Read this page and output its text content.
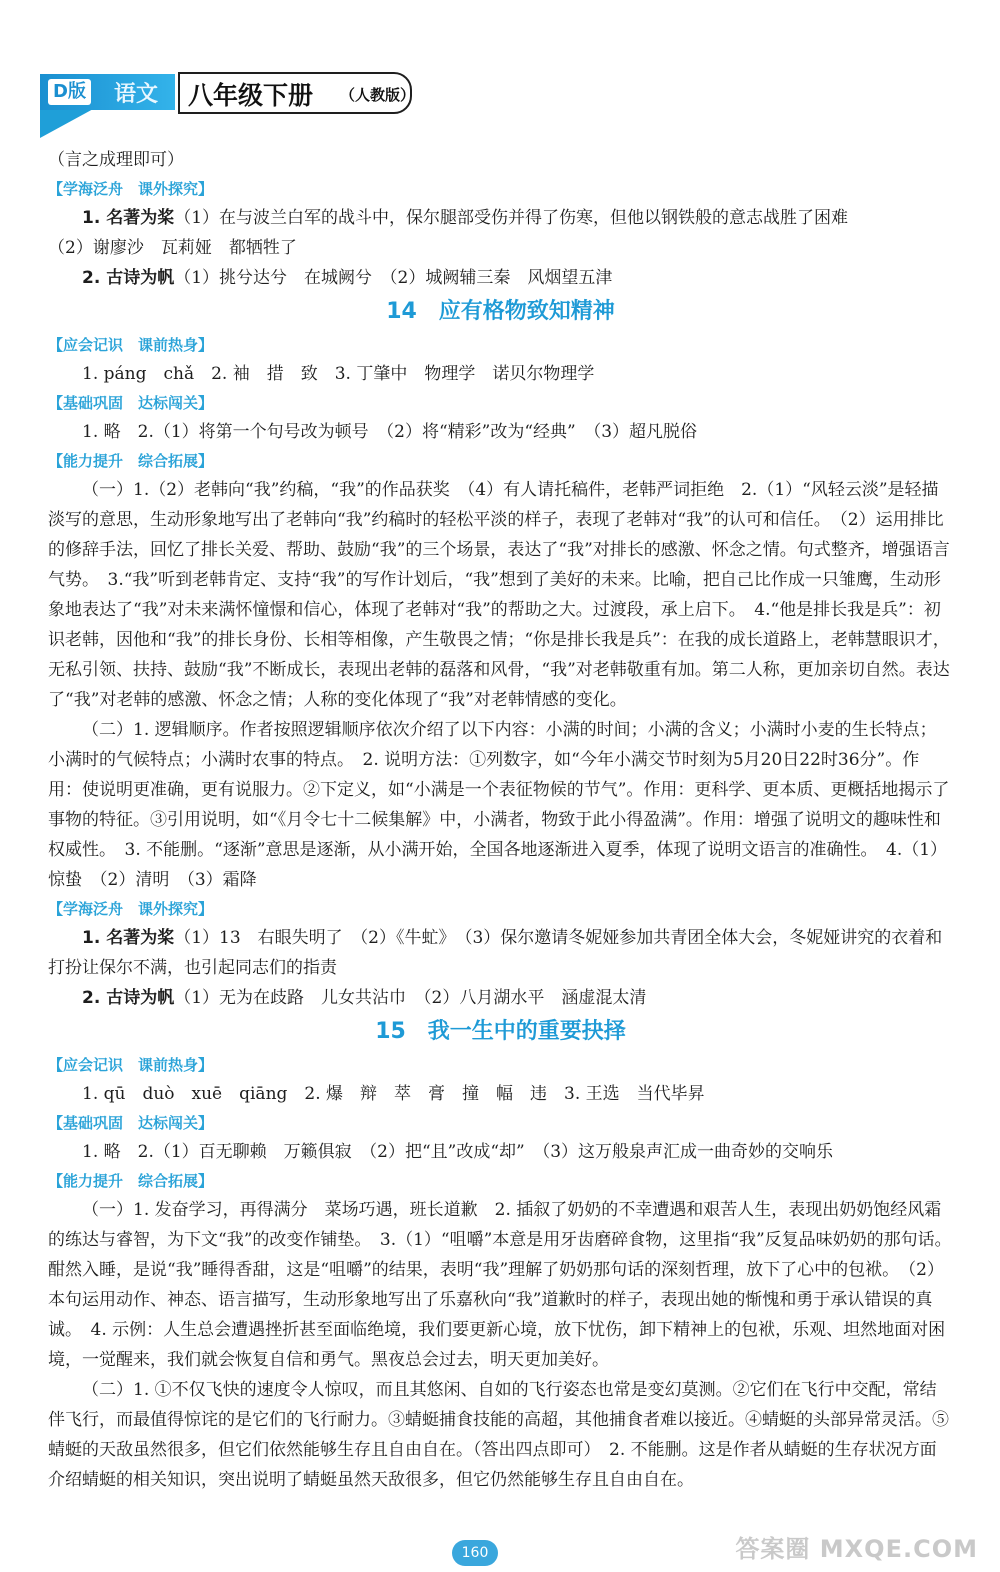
D版 语文 八年级下册 （人教版）

（言之成理即可）

【学海泛舟　课外探究】

1. 名著为桨（1）在与波兰白军的战斗中，保尔腿部受伤并得了伤寒，但他以钢铁般的意志战胜了困难

（2）谢廖沙　瓦莉娅　都牺牲了

2. 古诗为帆（1）挑兮达兮　在城阙兮　（2）城阙辅三秦　风烟望五津

14　应有格物致知精神

【应会记识　课前热身】

1. páng　chǎ　2. 袖　措　致　3. 丁肇中　物理学　诺贝尔物理学

【基础巩固　达标闯关】

1. 略　2.（1）将第一个句号改为顿号　（2）将“精彩”改为“经典”　（3）超凡脱俗

【能力提升　综合拓展】

（一）1.（2）老韩向“我”约稿，“我”的作品获奖　（4）有人请托稿件，老韩严词拒绝　2.（1）“风轻云淡”是轻描淡写的意思，生动形象地写出了老韩向“我”约稿时的轻松平淡的样子，表现了老韩对“我”的认可和信任。　（2）运用排比的修辞手法，回忆了排长关爱、帮助、鼓励“我”的三个场景，表达了“我”对排长的感激、怀念之情。句式整齐，增强语言气势。　3.“我”听到老韩肯定、支持“我”的写作计划后，“我”想到了美好的未来。比喻，把自己比作成一只雏鹰，生动形象地表达了“我”对未来满怀憧憬和信心，体现了老韩对“我”的帮助之大。过渡段，承上启下。　4.“他是排长我是兵”：初识老韩，因他和“我”的排长身份、长相等相像，产生敬畏之情；“你是排长我是兵”：在我的成长道路上，老韩慧眼识才，无私引领、扶持、鼓励“我”不断成长，表现出老韩的磊落和风骨，“我”对老韩敬重有加。第二人称，更加亲切自然。表达了“我”对老韩的感激、怀念之情；人称的变化体现了“我”对老韩情感的变化。

（二）1. 逻辑顺序。作者按照逻辑顺序依次介绍了以下内容：小满的时间；小满的含义；小满时小麦的生长特点；小满时的气候特点；小满时农事的特点。　2. 说明方法：①列数字，如“今年小满交节时刻为5月20日22时36分”。作用：使说明更准确，更有说服力。②下定义，如“小满是一个表征物候的节气”。作用：更科学、更本质、更概括地揭示了事物的特征。③引用说明，如“《月令七十二候集解》中，小满者，物致于此小得盈满”。作用：增强了说明文的趣味性和权威性。　3. 不能删。“逐渐”意思是逐渐，从小满开始，全国各地逐渐进入夏季，体现了说明文语言的准确性。　4.（1）惊蛰　（2）清明　（3）霜降

【学海泛舟　课外探究】

1. 名著为桨（1）13　右眼失明了　（2）《牛虻》　（3）保尔邀请冬妮娅参加共青团全体大会，冬妮娅讲究的衣着和打扮让保尔不满，也引起同志们的指责

2. 古诗为帆（1）无为在歧路　儿女共沾巾　（2）八月湖水平　涵虚混太清

15　我一生中的重要抉择

【应会记识　课前热身】

1. qū　duò　xuē　qiāng　2. 爆　辩　萃　膏　撞　幅　违　3. 王选　当代毕昇

【基础巩固　达标闯关】

1. 略　2.（1）百无聊赖　万籁俱寂　（2）把“且”改成“却”　（3）这万般泉声汇成一曲奇妙的交响乐

【能力提升　综合拓展】

（一）1. 发奋学习，再得满分　菜场巧遇，班长道歉　2. 插叙了奶奶的不幸遭遇和艰苦人生，表现出奶奶饱经风霜的练达与睿智，为下文“我”的改变作铺垫。　3.（1）“咀嚼”本意是用牙齿磨碎食物，这里指“我”反复品味奶奶的那句话。酣然入睡，是说“我”睡得香甜，这是“咀嚼”的结果，表明“我”理解了奶奶那句话的深刻哲理，放下了心中的包袱。　（2）本句运用动作、神态、语言描写，生动形象地写出了乐嘉秋向“我”道歉时的样子，表现出她的惭愧和勇于承认错误的真诚。　4. 示例：人生总会遭遇挫折甚至面临绝境，我们要更新心境，放下忧伤，卸下精神上的包袱，乐观、坦然地面对困境，一觉醒来，我们就会恢复自信和勇气。黑夜总会过去，明天更加美好。

（二）1. ①不仅飞快的速度令人惊叹，而且其悠闲、自如的飞行姿态也常是变幻莫测。②它们在飞行中交配，常结伴飞行，而最值得惊诧的是它们的飞行耐力。③蜻蜓捕食技能的高超，其他捕食者难以接近。④蜻蜓的头部异常灵活。⑤蜻蜓的天敌虽然很多，但它们依然能够生存且自由自在。（答出四点即可）　2. 不能删。这是作者从蜻蜓的生存状况方面介绍蜻蜓的相关知识，突出说明了蜻蜓虽然天敌很多，但它仍然能够生存且自由自在。

160	答案圈 MXQE.COM
